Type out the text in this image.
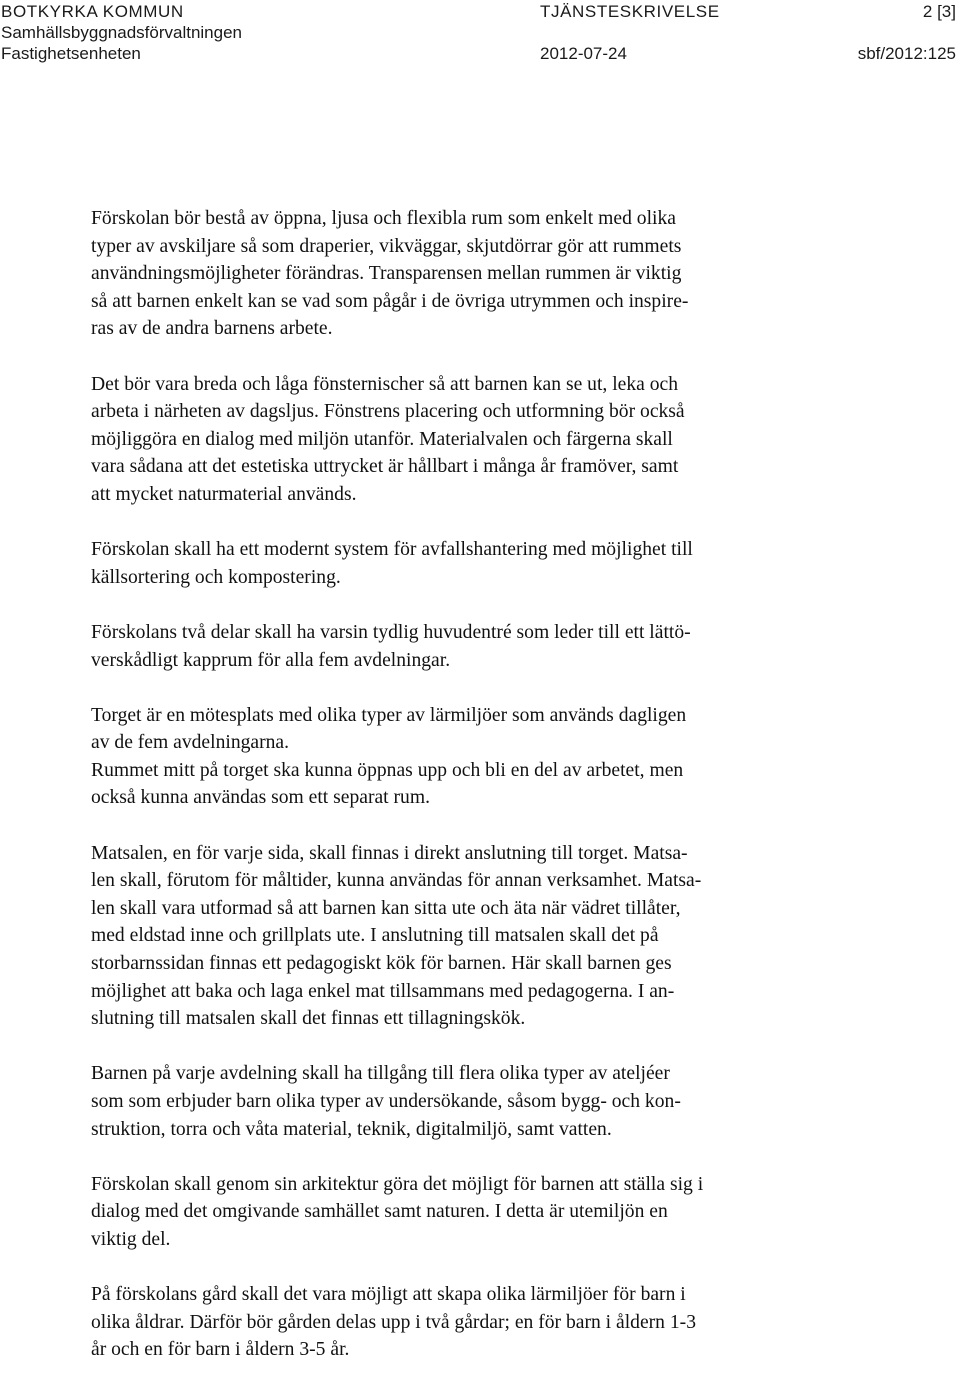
BOTKYRKA KOMMUN	TJÄNSTESKRIVELSE	2 [3]
Samhällsbyggnadsförvaltningen
Fastighetsenheten	2012-07-24	sbf/2012:125

Förskolan bör bestå av öppna, ljusa och flexibla rum som enkelt med olika
typer av avskiljare så som draperier, vikväggar, skjutdörrar gör att rummets
användningsmöjligheter förändras. Transparensen mellan rummen är viktig
så att barnen enkelt kan se vad som pågår i de övriga utrymmen och inspire-
ras av de andra barnens arbete.

Det bör vara breda och låga fönsternischer så att barnen kan se ut, leka och
arbeta i närheten av dagsljus. Fönstrens placering och utformning bör också
möjliggöra en dialog med miljön utanför. Materialvalen och färgerna skall
vara sådana att det estetiska uttrycket är hållbart i många år framöver, samt
att mycket naturmaterial används.

Förskolan skall ha ett modernt system för avfallshantering med möjlighet till
källsortering och kompostering.

Förskolans två delar skall ha varsin tydlig huvudentré som leder till ett lättö-
verskådligt kapprum för alla fem avdelningar.

Torget är en mötesplats med olika typer av lärmiljöer som används dagligen
av de fem avdelningarna.

Rummet mitt på torget ska kunna öppnas upp och bli en del av arbetet, men
också kunna användas som ett separat rum.

Matsalen, en för varje sida, skall finnas i direkt anslutning till torget. Matsa-
len skall, förutom för måltider, kunna användas för annan verksamhet. Matsa-
len skall vara utformad så att barnen kan sitta ute och äta när vädret tillåter,
med eldstad inne och grillplats ute. I anslutning till matsalen skall det på
storbarnssidan finnas ett pedagogiskt kök för barnen. Här skall barnen ges
möjlighet att baka och laga enkel mat tillsammans med pedagogerna. I an-
slutning till matsalen skall det finnas ett tillagningskök.

Barnen på varje avdelning skall ha tillgång till flera olika typer av ateljéer
som som erbjuder barn olika typer av undersökande, såsom bygg- och kon-
struktion, torra och våta material, teknik, digitalmiljö, samt vatten.

Förskolan skall genom sin arkitektur göra det möjligt för barnen att ställa sig i
dialog med det omgivande samhället samt naturen. I detta är utemiljön en
viktig del.

På förskolans gård skall det vara möjligt att skapa olika lärmiljöer för barn i
olika åldrar. Därför bör gården delas upp i två gårdar; en för barn i åldern 1-3
år och en för barn i åldern 3-5 år.
